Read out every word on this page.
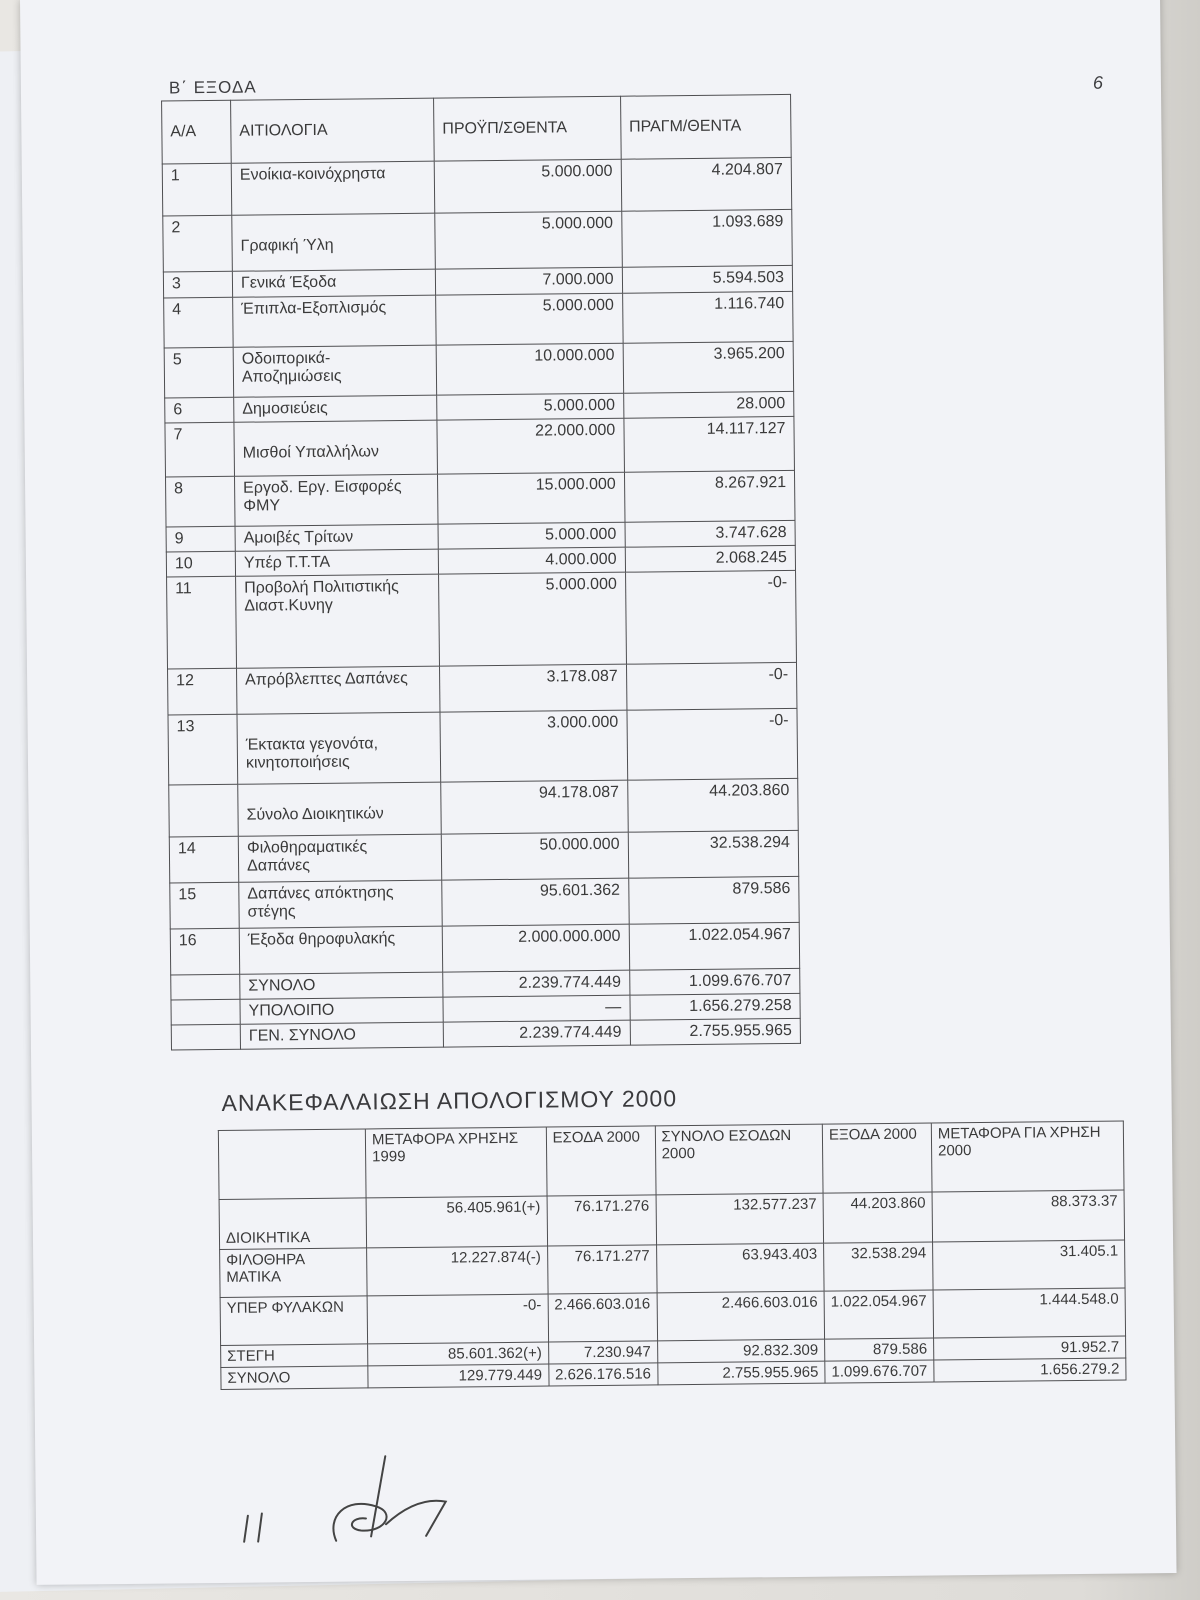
Β΄ ΕΞΟΔΑ	6
Α/Α	ΑΙΤΙΟΛΟΓΙΑ	ΠΡΟΫΠ/ΣΘΕΝΤΑ	ΠΡΑΓΜ/ΘΕΝΤΑ
1	Ενοίκια-κοινόχρηστα	5.000.000	4.204.807
2	Γραφική Ύλη	5.000.000	1.093.689
3	Γενικά Έξοδα	7.000.000	5.594.503
4	Έπιπλα-Εξοπλισμός	5.000.000	1.116.740
5	Οδοιπορικά-Αποζημιώσεις	10.000.000	3.965.200
6	Δημοσιεύεις	5.000.000	28.000
7	Μισθοί Υπαλλήλων	22.000.000	14.117.127
8	Εργοδ. Εργ. Εισφορές ΦΜΥ	15.000.000	8.267.921
9	Αμοιβές Τρίτων	5.000.000	3.747.628
10	Υπέρ Τ.Τ.ΤΑ	4.000.000	2.068.245
11	Προβολή Πολιτιστικής Διαστ.Κυνηγ	5.000.000	-0-
12	Απρόβλεπτες Δαπάνες	3.178.087	-0-
13	Έκτακτα γεγονότα, κινητοποιήσεις	3.000.000	-0-
	Σύνολο Διοικητικών	94.178.087	44.203.860
14	Φιλοθηραματικές Δαπάνες	50.000.000	32.538.294
15	Δαπάνες απόκτησης στέγης	95.601.362	879.586
16	Έξοδα θηροφυλακής	2.000.000.000	1.022.054.967
	ΣΥΝΟΛΟ	2.239.774.449	1.099.676.707
	ΥΠΟΛΟΙΠΟ	—	1.656.279.258
	ΓΕΝ. ΣΥΝΟΛΟ	2.239.774.449	2.755.955.965
ΑΝΑΚΕΦΑΛΑΙΩΣΗ ΑΠΟΛΟΓΙΣΜΟΥ 2000
	ΜΕΤΑΦΟΡΑ ΧΡΗΣΗΣ 1999	ΕΣΟΔΑ 2000	ΣΥΝΟΛΟ ΕΣΟΔΩΝ 2000	ΕΞΟΔΑ 2000	ΜΕΤΑΦΟΡΑ ΓΙΑ ΧΡΗΣΗ 2000
ΔΙΟΙΚΗΤΙΚΑ	56.405.961(+)	76.171.276	132.577.237	44.203.860	88.373.37
ΦΙΛΟΘΗΡΑ ΜΑΤΙΚΑ	12.227.874(-)	76.171.277	63.943.403	32.538.294	31.405.1
ΥΠΕΡ ΦΥΛΑΚΩΝ	-0-	2.466.603.016	2.466.603.016	1.022.054.967	1.444.548.0
ΣΤΕΓΗ	85.601.362(+)	7.230.947	92.832.309	879.586	91.952.7
ΣΥΝΟΛΟ	129.779.449	2.626.176.516	2.755.955.965	1.099.676.707	1.656.279.2
